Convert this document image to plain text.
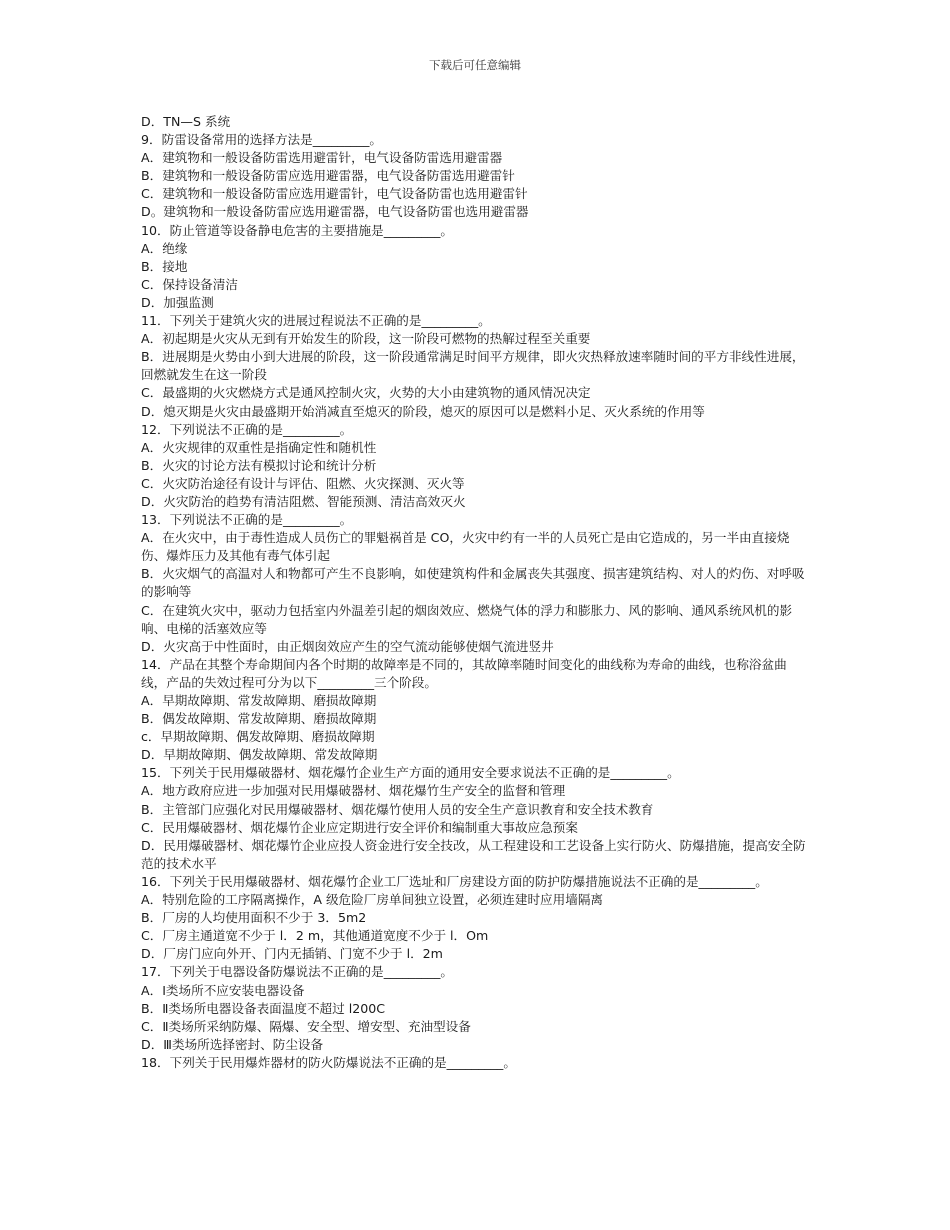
下载后可任意编辑
D．TN—S 系统
9．防雷设备常用的选择方法是_________。
A．建筑物和一般设备防雷选用避雷针，电气设备防雷选用避雷器
B．建筑物和一般设备防雷应选用避雷器，电气设备防雷选用避雷针
C．建筑物和一般设备防雷应选用避雷针，电气设备防雷也选用避雷针
D。建筑物和一般设备防雷应选用避雷器，电气设备防雷也选用避雷器
10．防止管道等设备静电危害的主要措施是_________。
A．绝缘
B．接地
C．保持设备清洁
D．加强监测
11．下列关于建筑火灾的进展过程说法不正确的是_________。
A．初起期是火灾从无到有开始发生的阶段，这一阶段可燃物的热解过程至关重要
B．进展期是火势由小到大进展的阶段，这一阶段通常满足时间平方规律，即火灾热释放速率随时间的平方非线性进展，回燃就发生在这一阶段
C．最盛期的火灾燃烧方式是通风控制火灾，火势的大小由建筑物的通风情况决定
D．熄灭期是火灾由最盛期开始消减直至熄灭的阶段，熄灭的原因可以是燃料小足、灭火系统的作用等
12．下列说法不正确的是_________。
A．火灾规律的双重性是指确定性和随机性
B．火灾的讨论方法有模拟讨论和统计分析
C．火灾防治途径有设计与评估、阻燃、火灾探测、灭火等
D．火灾防治的趋势有清洁阻燃、智能预测、清洁高效灭火
13．下列说法不正确的是_________。
A．在火灾中，由于毒性造成人员伤亡的罪魁祸首是 CO，火灾中约有一半的人员死亡是由它造成的，另一半由直接烧伤、爆炸压力及其他有毒气体引起
B．火灾烟气的高温对人和物都可产生不良影响，如使建筑构件和金属丧失其强度、损害建筑结构、对人的灼伤、对呼吸的影响等
C．在建筑火灾中，驱动力包括室内外温差引起的烟囱效应、燃烧气体的浮力和膨胀力、风的影响、通风系统风机的影响、电梯的活塞效应等
D．火灾高于中性面时，由正烟囱效应产生的空气流动能够使烟气流进竖井
14．产品在其整个寿命期间内各个时期的故障率是不同的，其故障率随时间变化的曲线称为寿命的曲线，也称浴盆曲线，产品的失效过程可分为以下_________三个阶段。
A．早期故障期、常发故障期、磨损故障期
B．偶发故障期、常发故障期、磨损故障期
c．早期故障期、偶发故障期、磨损故障期
D．早期故障期、偶发故障期、常发故障期
15．下列关于民用爆破器材、烟花爆竹企业生产方面的通用安全要求说法不正确的是_________。
A．地方政府应进一步加强对民用爆破器材、烟花爆竹生产安全的监督和管理
B．主管部门应强化对民用爆破器材、烟花爆竹使用人员的安全生产意识教育和安全技术教育
C．民用爆破器材、烟花爆竹企业应定期进行安全评价和编制重大事故应急预案
D．民用爆破器材、烟花爆竹企业应投人资金进行安全技改，从工程建设和工艺设备上实行防火、防爆措施，提高安全防范的技术水平
16．下列关于民用爆破器材、烟花爆竹企业工厂选址和厂房建设方面的防护防爆措施说法不正确的是_________。
A．特别危险的工序隔离操作，A 级危险厂房单间独立设置，必须连建时应用墙隔离
B．厂房的人均使用面积不少于 3．5m2
C．厂房主通道宽不少于 l．2 m，其他通道宽度不少于 l．Om
D．厂房门应向外开、门内无插销、门宽不少于 l．2m
17．下列关于电器设备防爆说法不正确的是_________。
A．Ⅰ类场所不应安装电器设备
B．Ⅱ类场所电器设备表面温度不超过 l200C
C．Ⅱ类场所采纳防爆、隔爆、安全型、增安型、充油型设备
D．Ⅲ类场所选择密封、防尘设备
18．下列关于民用爆炸器材的防火防爆说法不正确的是_________。
